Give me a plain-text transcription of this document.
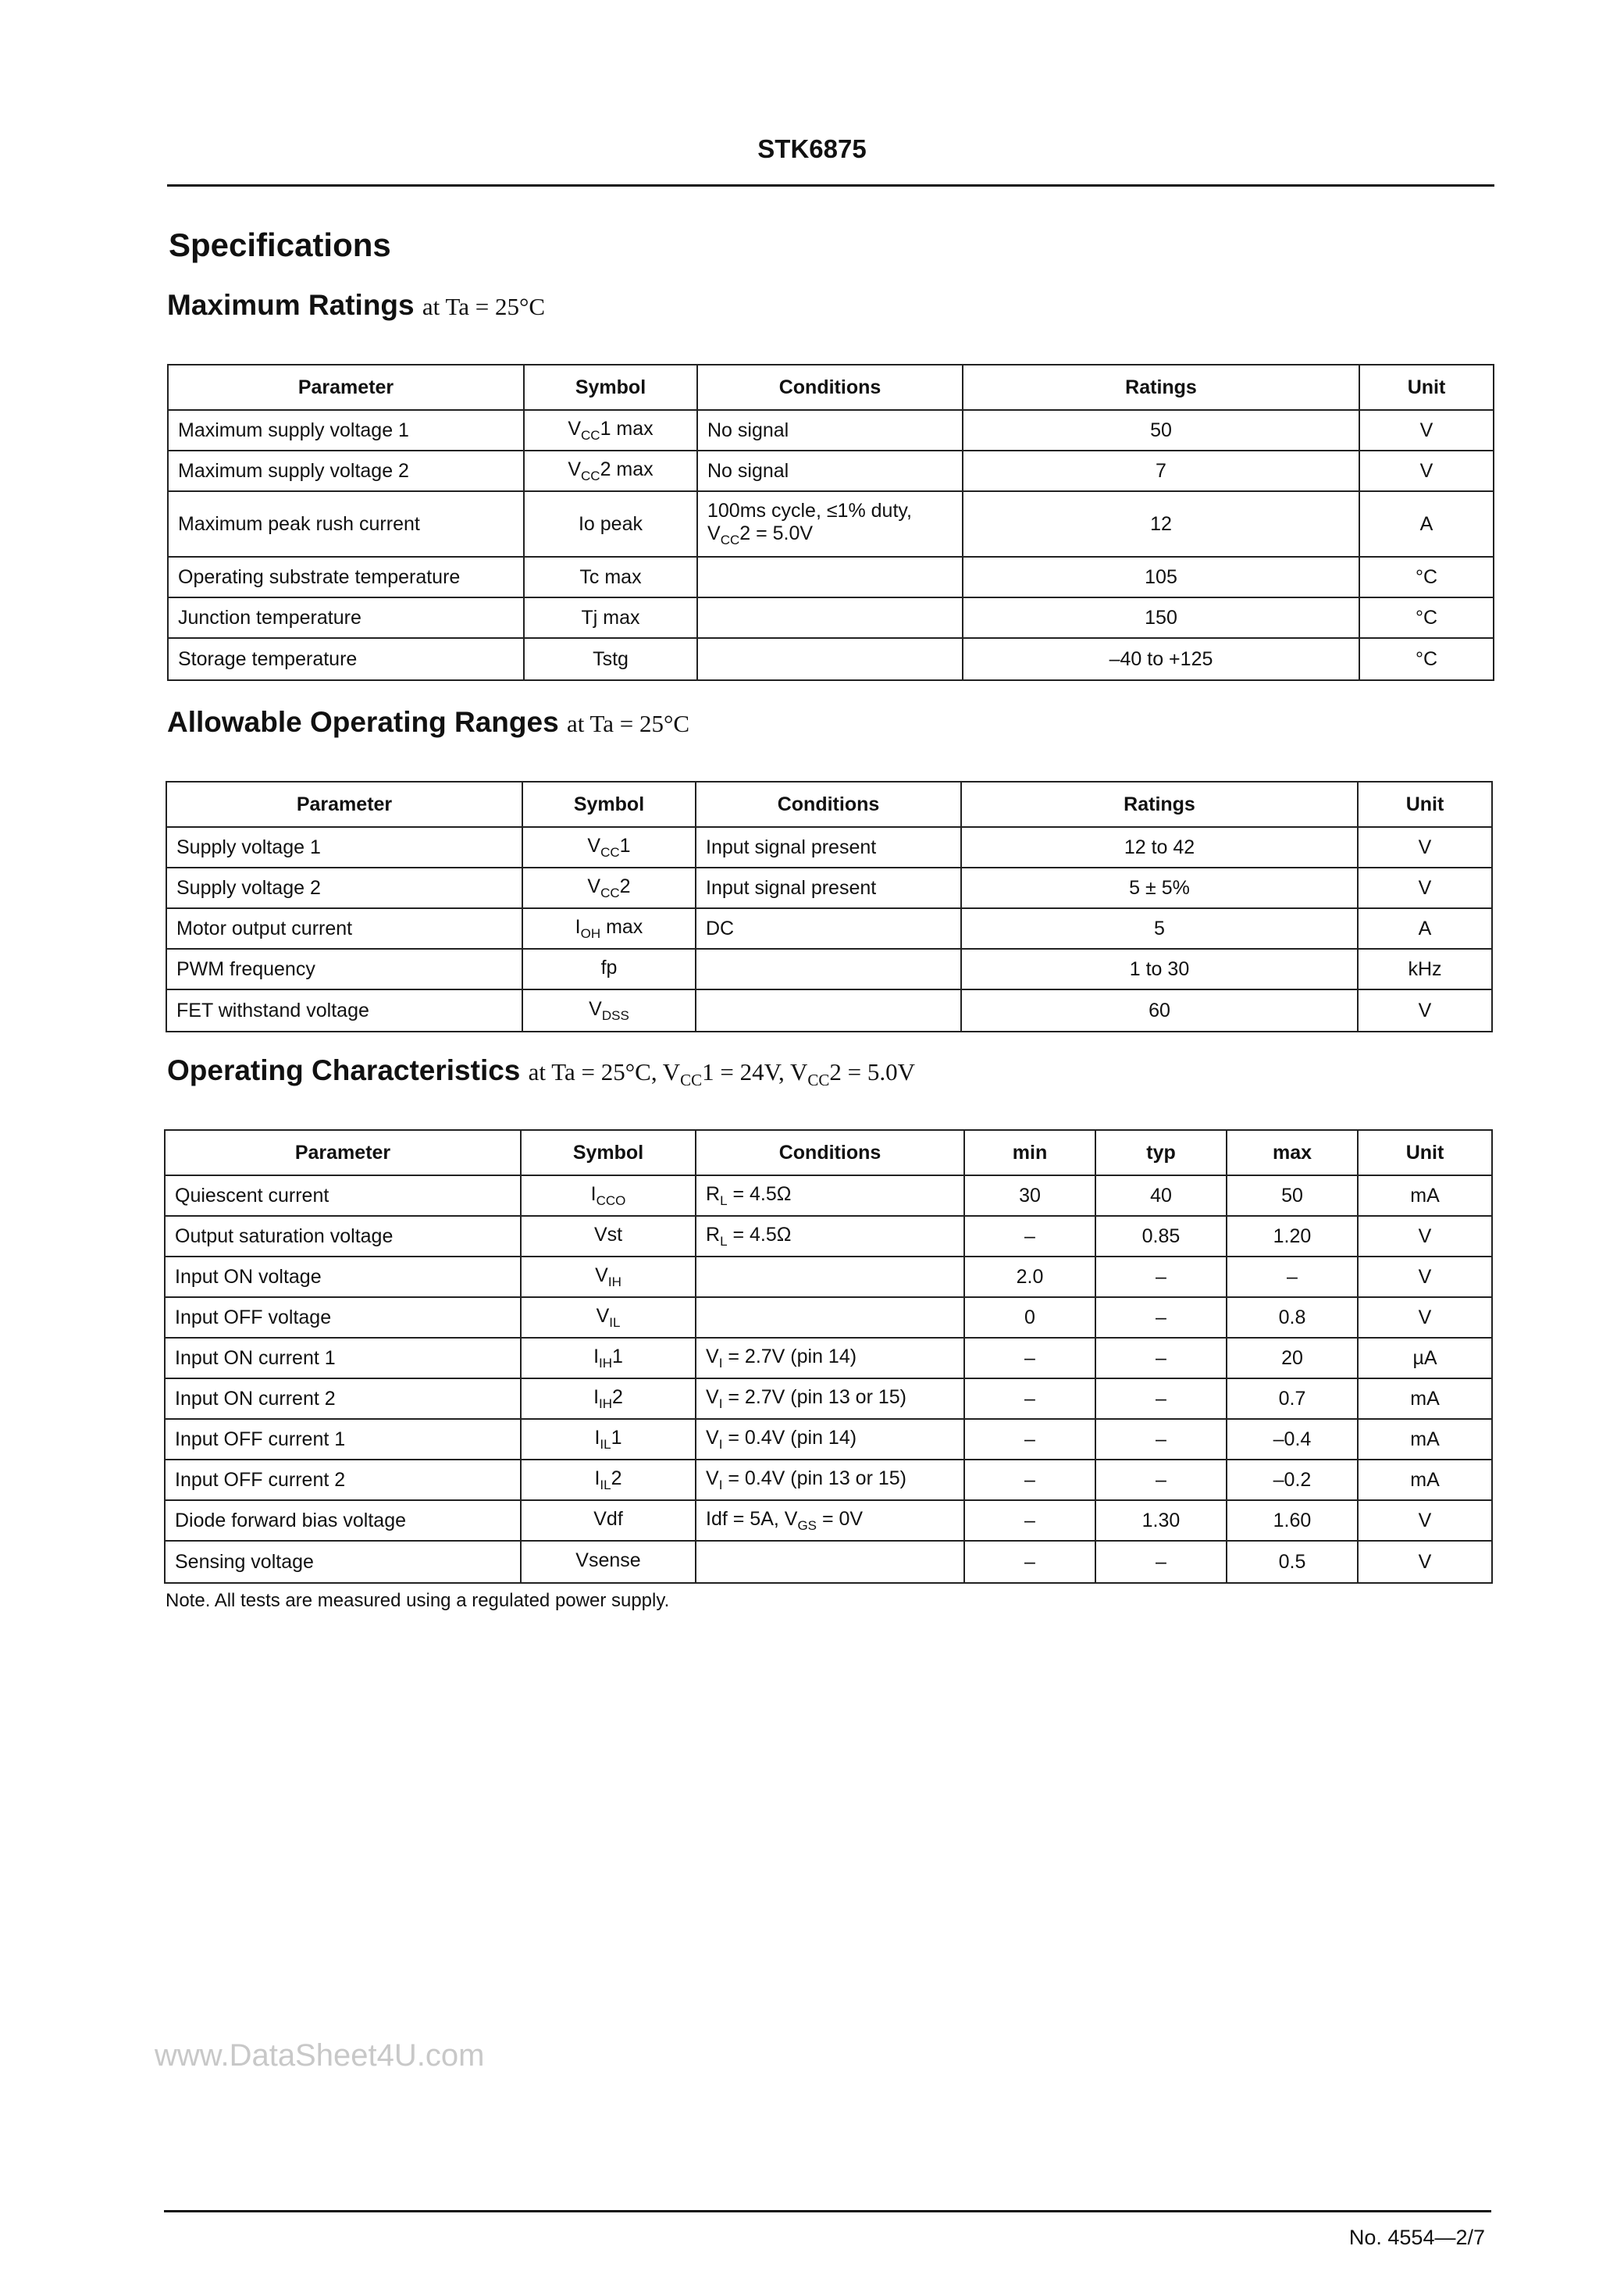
STK6875
Specifications
Maximum Ratings at Ta = 25°C
Parameter	Symbol	Conditions	Ratings	Unit
Maximum supply voltage 1	$V_{CC}1$ max	No signal	50	V
Maximum supply voltage 2	$V_{CC}2$ max	No signal	7	V
Maximum peak rush current	Io peak	100ms cycle, ≤1% duty,
$V_{CC}2 = 5.0V$	12	A
Operating substrate temperature	Tc max		105	°C
Junction temperature	Tj max		150	°C
Storage temperature	Tstg		–40 to +125	°C
Allowable Operating Ranges at Ta = 25°C
Parameter	Symbol	Conditions	Ratings	Unit
Supply voltage 1	$V_{CC}1$	Input signal present	12 to 42	V
Supply voltage 2	$V_{CC}2$	Input signal present	5 ± 5%	V
Motor output current	$I_{OH}$ max	DC	5	A
PWM frequency	fp		1 to 30	kHz
FET withstand voltage	$V_{DSS}$		60	V
Operating Characteristics at Ta = 25°C, $V_{CC}1 = 24V$, $V_{CC}2 = 5.0V$
Parameter	Symbol	Conditions	min	typ	max	Unit
Quiescent current	$I_{CCO}$	$R_L = 4.5\Omega$	30	40	50	mA
Output saturation voltage	Vst	$R_L = 4.5\Omega$	–	0.85	1.20	V
Input ON voltage	$V_{IH}$		2.0	–	–	V
Input OFF voltage	$V_{IL}$		0	–	0.8	V
Input ON current 1	$I_{IH}1$	$V_I = 2.7V$ (pin 14)	–	–	20	µA
Input ON current 2	$I_{IH}2$	$V_I = 2.7V$ (pin 13 or 15)	–	–	0.7	mA
Input OFF current 1	$I_{IL}1$	$V_I = 0.4V$ (pin 14)	–	–	–0.4	mA
Input OFF current 2	$I_{IL}2$	$V_I = 0.4V$ (pin 13 or 15)	–	–	–0.2	mA
Diode forward bias voltage	Vdf	Idf = 5A, $V_{GS} = 0V$	–	1.30	1.60	V
Sensing voltage	Vsense		–	–	0.5	V
Note. All tests are measured using a regulated power supply.
www.DataSheet4U.com
No. 4554—2/7
